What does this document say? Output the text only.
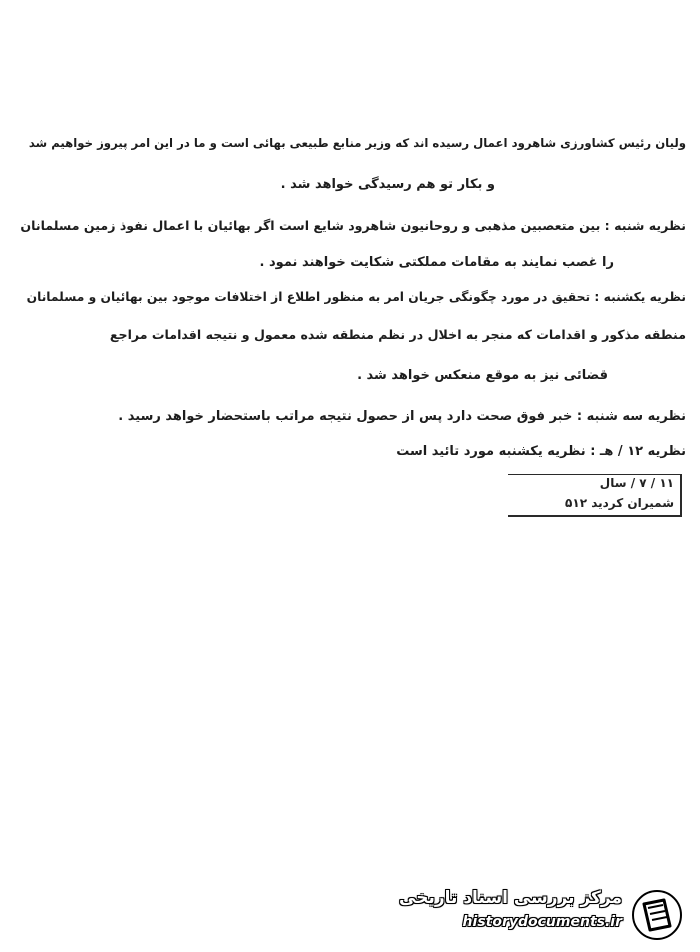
ولیان رئیس کشاورزی شاهرود اعمال رسیده اند که وزیر منابع طبیعی بهائی است و ما در این امر پیروز خواهیم شد
و بکار تو هم رسیدگی خواهد شد .
نظریه شنبه : بین متعصبین مذهبی و روحانیون شاهرود شایع است اگر بهائیان با اعمال نفوذ زمین مسلمانان
را غصب نمایند به مقامات مملکتی شکایت خواهند نمود .
نظریه یکشنبه : تحقیق در مورد چگونگی جریان امر به منظور اطلاع از اختلافات موجود بین بهائیان و مسلمانان
منطقه مذکور و اقدامات که منجر به اخلال در نظم منطقه شده معمول و نتیجه اقدامات مراجع
قضائی نیز به موقع منعکس خواهد شد .
نظریه سه شنبه : خبر فوق صحت دارد پس از حصول نتیجه مراتب باستحضار خواهد رسید .
نظریه ۱۲ / هـ : نظریه یکشنبه مورد تائید است
۱۱ / ۷ / سال
شمیران کردید ۵۱۲
مرکز بررسی اسناد تاریخی
historydocuments.ir
